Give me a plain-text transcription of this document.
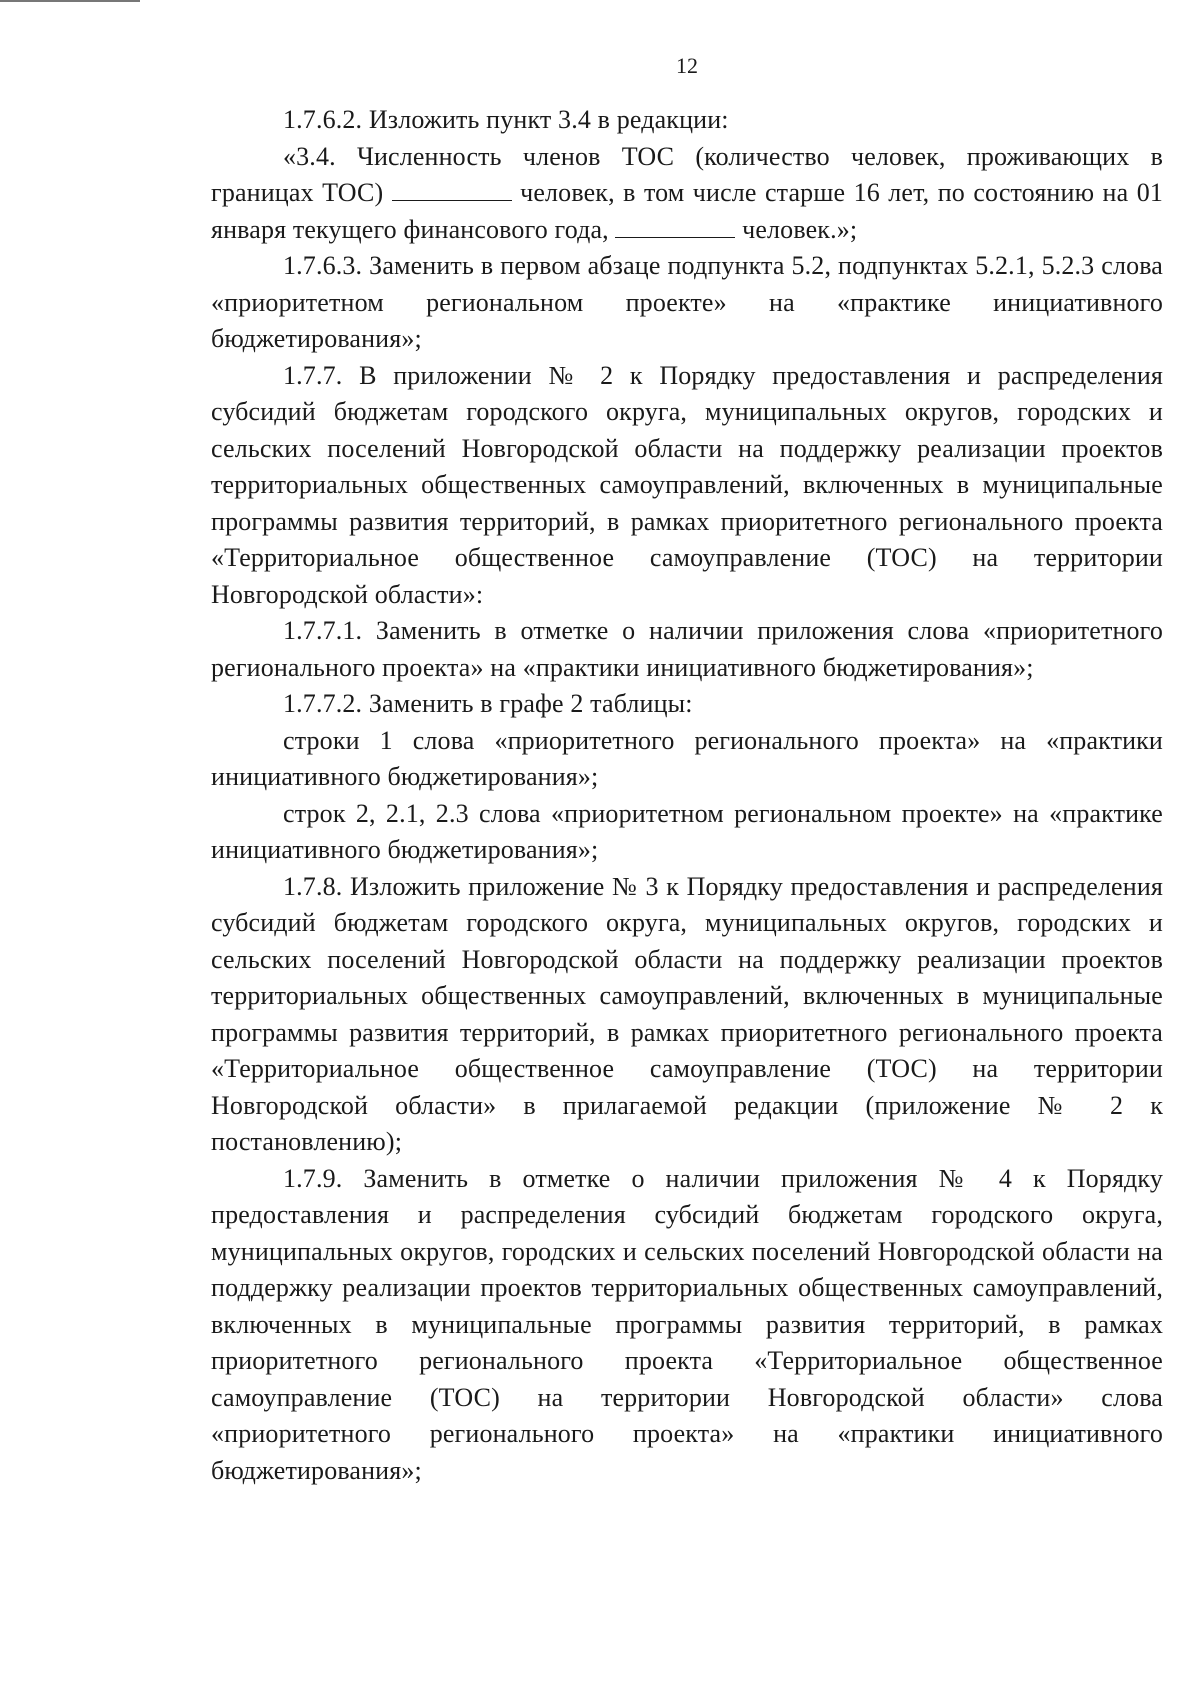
12

1.7.6.2. Изложить пункт 3.4 в редакции:

«3.4. Численность членов ТОС (количество человек, проживающих в границах ТОС)	человек, в том числе старше 16 лет, по состоянию на 01 января текущего финансового года,	человек.»;

1.7.6.3. Заменить в первом абзаце подпункта 5.2, подпунктах 5.2.1, 5.2.3 слова «приоритетном региональном проекте» на «практике инициативного бюджетирования»;

1.7.7. В приложении № 2 к Порядку предоставления и распределения субсидий бюджетам городского округа, муниципальных округов, городских и сельских поселений Новгородской области на поддержку реализации проектов территориальных общественных самоуправлений, включенных в муниципальные программы развития территорий, в рамках приоритетного регионального проекта «Территориальное общественное самоуправление (ТОС) на территории Новгородской области»:

1.7.7.1. Заменить в отметке о наличии приложения слова «приоритетного регионального проекта» на «практики инициативного бюджетирования»;

1.7.7.2. Заменить в графе 2 таблицы:

строки 1 слова «приоритетного регионального проекта» на «практики инициативного бюджетирования»;

строк 2, 2.1, 2.3 слова «приоритетном региональном проекте» на «практике инициативного бюджетирования»;

1.7.8. Изложить приложение № 3 к Порядку предоставления и распределения субсидий бюджетам городского округа, муниципальных округов, городских и сельских поселений Новгородской области на поддержку реализации проектов территориальных общественных самоуправлений, включенных в муниципальные программы развития территорий, в рамках приоритетного регионального проекта «Территориальное общественное самоуправление (ТОС) на территории Новгородской области» в прилагаемой редакции (приложение № 2 к постановлению);

1.7.9. Заменить в отметке о наличии приложения № 4 к Порядку предоставления и распределения субсидий бюджетам городского округа, муниципальных округов, городских и сельских поселений Новгородской области на поддержку реализации проектов территориальных общественных самоуправлений, включенных в муниципальные программы развития территорий, в рамках приоритетного регионального проекта «Территориальное общественное самоуправление (ТОС) на территории Новгородской области» слова «приоритетного регионального проекта» на «практики инициативного бюджетирования»;
